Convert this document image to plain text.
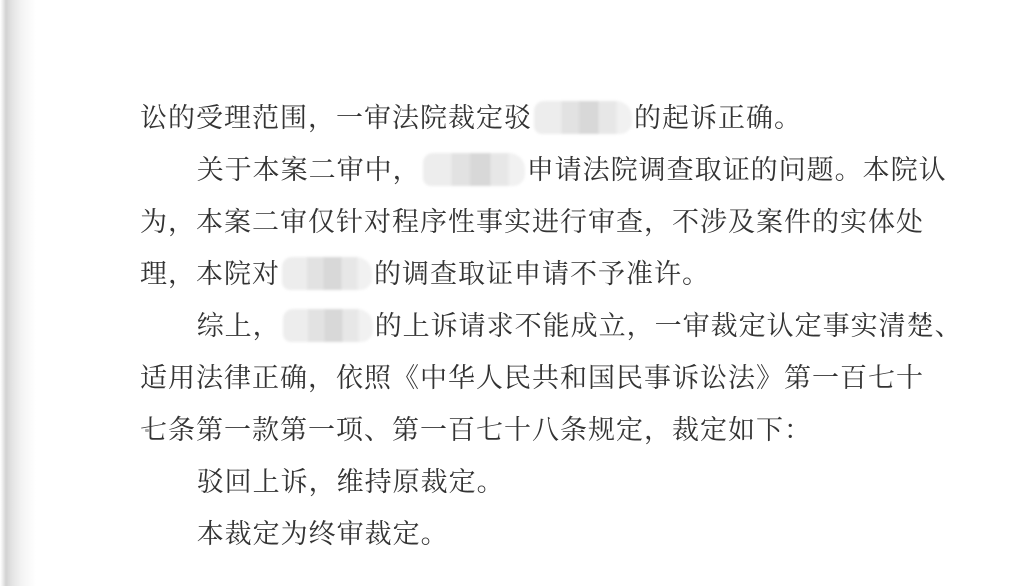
讼的受理范围，一审法院裁定驳	的起诉正确。
关于本案二审中，	申请法院调查取证的问题。本院认
为，本案二审仅针对程序性事实进行审查，不涉及案件的实体处
理，本院对	的调查取证申请不予准许。
综上，	的上诉请求不能成立，一审裁定认定事实清楚、
适用法律正确，依照《中华人民共和国民事诉讼法》第一百七十
七条第一款第一项、第一百七十八条规定，裁定如下：
驳回上诉，维持原裁定。
本裁定为终审裁定。
